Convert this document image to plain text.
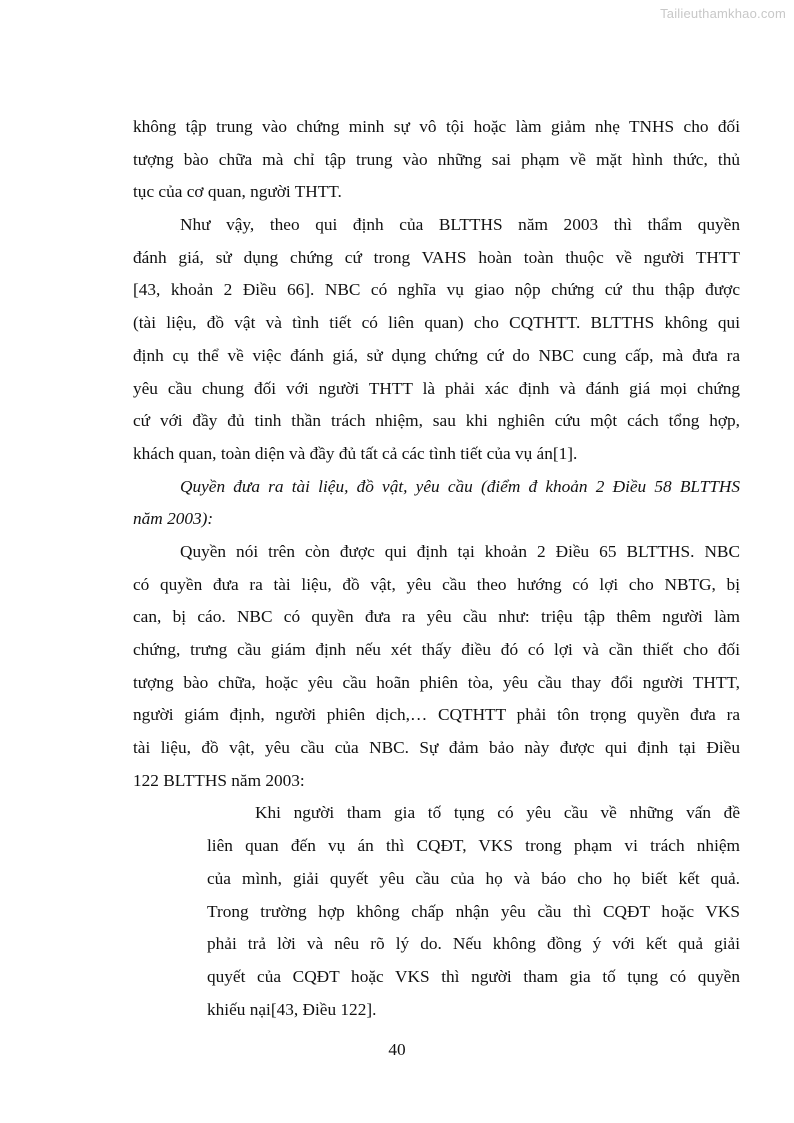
Tailieuthamkhao.com
không tập trung vào chứng minh sự vô tội hoặc làm giảm nhẹ TNHS cho đối
tượng bào chữa mà chỉ tập trung vào những sai phạm về mặt hình thức, thủ
tục của cơ quan, người THTT.
Như vậy, theo qui định của BLTTHS năm 2003 thì thẩm quyền
đánh giá, sử dụng chứng cứ trong VAHS hoàn toàn thuộc về người THTT
[43, khoản 2 Điều 66]. NBC có nghĩa vụ giao nộp chứng cứ thu thập được
(tài liệu, đồ vật và tình tiết có liên quan) cho CQTHTT. BLTTHS không qui
định cụ thể về việc đánh giá, sử dụng chứng cứ do NBC cung cấp, mà đưa ra
yêu cầu chung đối với người THTT là phải xác định và đánh giá mọi chứng
cứ với đầy đủ tinh thần trách nhiệm, sau khi nghiên cứu một cách tổng hợp,
khách quan, toàn diện và đầy đủ tất cả các tình tiết của vụ án[1].
Quyền đưa ra tài liệu, đồ vật, yêu cầu (điểm đ khoản 2 Điều 58 BLTTHS
năm 2003):
Quyền nói trên còn được qui định tại khoản 2 Điều 65 BLTTHS. NBC
có quyền đưa ra tài liệu, đồ vật, yêu cầu theo hướng có lợi cho NBTG, bị
can, bị cáo. NBC có quyền đưa ra yêu cầu như: triệu tập thêm người làm
chứng, trưng cầu giám định nếu xét thấy điều đó có lợi và cần thiết cho đối
tượng bào chữa, hoặc yêu cầu hoãn phiên tòa, yêu cầu thay đổi người THTT,
người giám định, người phiên dịch,… CQTHTT phải tôn trọng quyền đưa ra
tài liệu, đồ vật, yêu cầu của NBC. Sự đảm bảo này được qui định tại Điều
122 BLTTHS năm 2003:
Khi người tham gia tố tụng có yêu cầu về những vấn đề
liên quan đến vụ án thì CQĐT, VKS trong phạm vi trách nhiệm
của mình, giải quyết yêu cầu của họ và báo cho họ biết kết quả.
Trong trường hợp không chấp nhận yêu cầu thì CQĐT hoặc VKS
phải trả lời và nêu rõ lý do. Nếu không đồng ý với kết quả giải
quyết của CQĐT hoặc VKS thì người tham gia tố tụng có quyền
khiếu nại[43, Điều 122].
40
